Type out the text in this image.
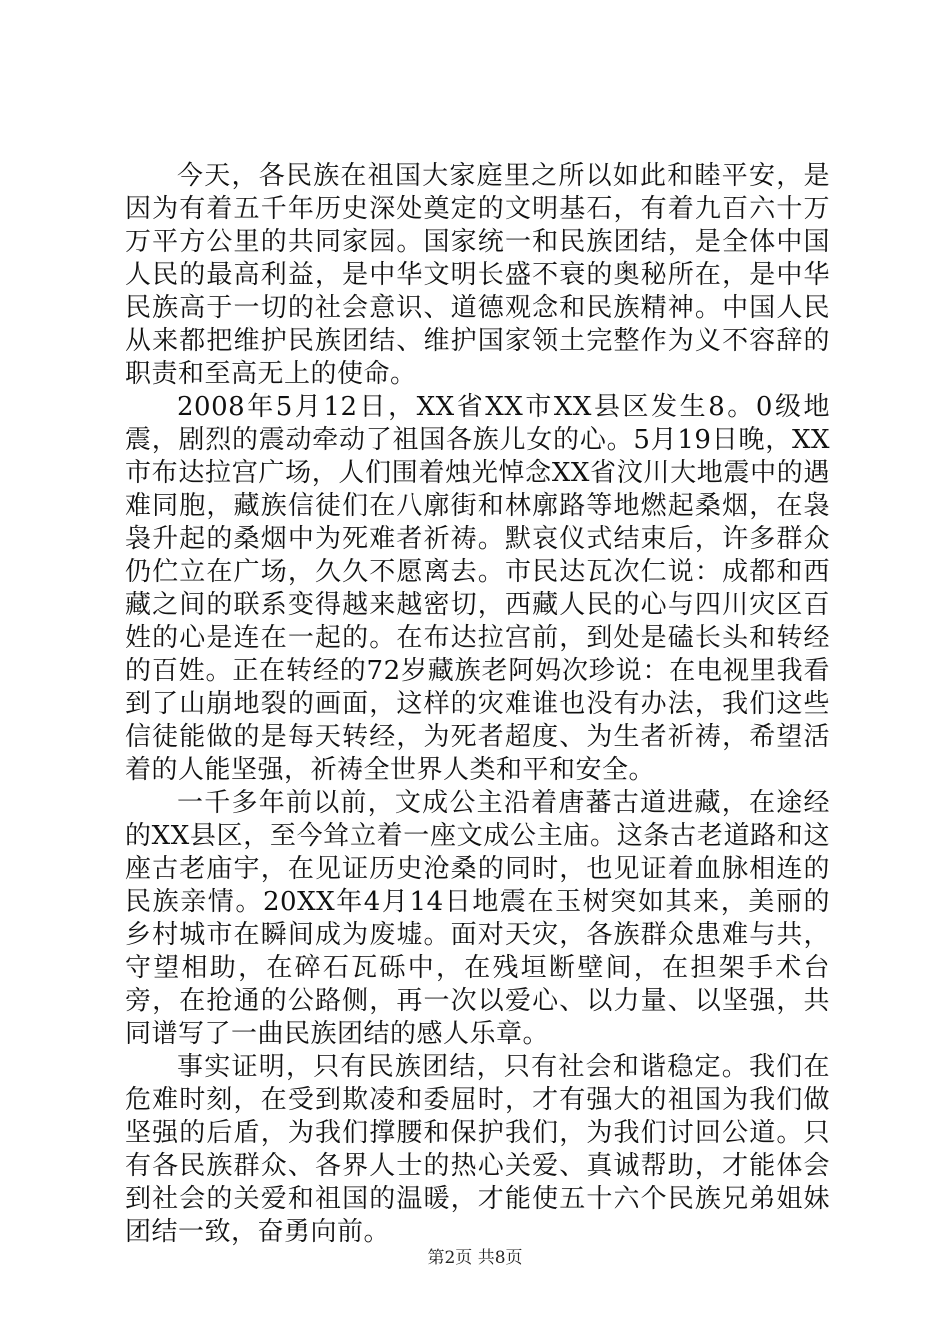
今天，各民族在祖国大家庭里之所以如此和睦平安，是因为有着五千年历史深处奠定的文明基石，有着九百六十万万平方公里的共同家园。国家统一和民族团结，是全体中国人民的最高利益，是中华文明长盛不衰的奥秘所在，是中华民族高于一切的社会意识、道德观念和民族精神。中国人民从来都把维护民族团结、维护国家领土完整作为义不容辞的职责和至高无上的使命。

2008年5月12日，XX省XX市XX县区发生8。0级地震，剧烈的震动牵动了祖国各族儿女的心。5月19日晚，XX市布达拉宫广场，人们围着烛光悼念XX省汶川大地震中的遇难同胞，藏族信徒们在八廓街和林廓路等地燃起桑烟，在袅袅升起的桑烟中为死难者祈祷。默哀仪式结束后，许多群众仍伫立在广场，久久不愿离去。市民达瓦次仁说：成都和西藏之间的联系变得越来越密切，西藏人民的心与四川灾区百姓的心是连在一起的。在布达拉宫前，到处是磕长头和转经的百姓。正在转经的72岁藏族老阿妈次珍说：在电视里我看到了山崩地裂的画面，这样的灾难谁也没有办法，我们这些信徒能做的是每天转经，为死者超度、为生者祈祷，希望活着的人能坚强，祈祷全世界人类和平和安全。

一千多年前以前，文成公主沿着唐蕃古道进藏，在途经的XX县区，至今耸立着一座文成公主庙。这条古老道路和这座古老庙宇，在见证历史沧桑的同时，也见证着血脉相连的民族亲情。20XX年4月14日地震在玉树突如其来，美丽的乡村城市在瞬间成为废墟。面对天灾，各族群众患难与共，守望相助，在碎石瓦砾中，在残垣断壁间，在担架手术台旁，在抢通的公路侧，再一次以爱心、以力量、以坚强，共同谱写了一曲民族团结的感人乐章。

事实证明，只有民族团结，只有社会和谐稳定。我们在危难时刻，在受到欺凌和委屈时，才有强大的祖国为我们做坚强的后盾，为我们撑腰和保护我们，为我们讨回公道。只有各民族群众、各界人士的热心关爱、真诚帮助，才能体会到社会的关爱和祖国的温暖，才能使五十六个民族兄弟姐妹团结一致，奋勇向前。

第2页 共8页
